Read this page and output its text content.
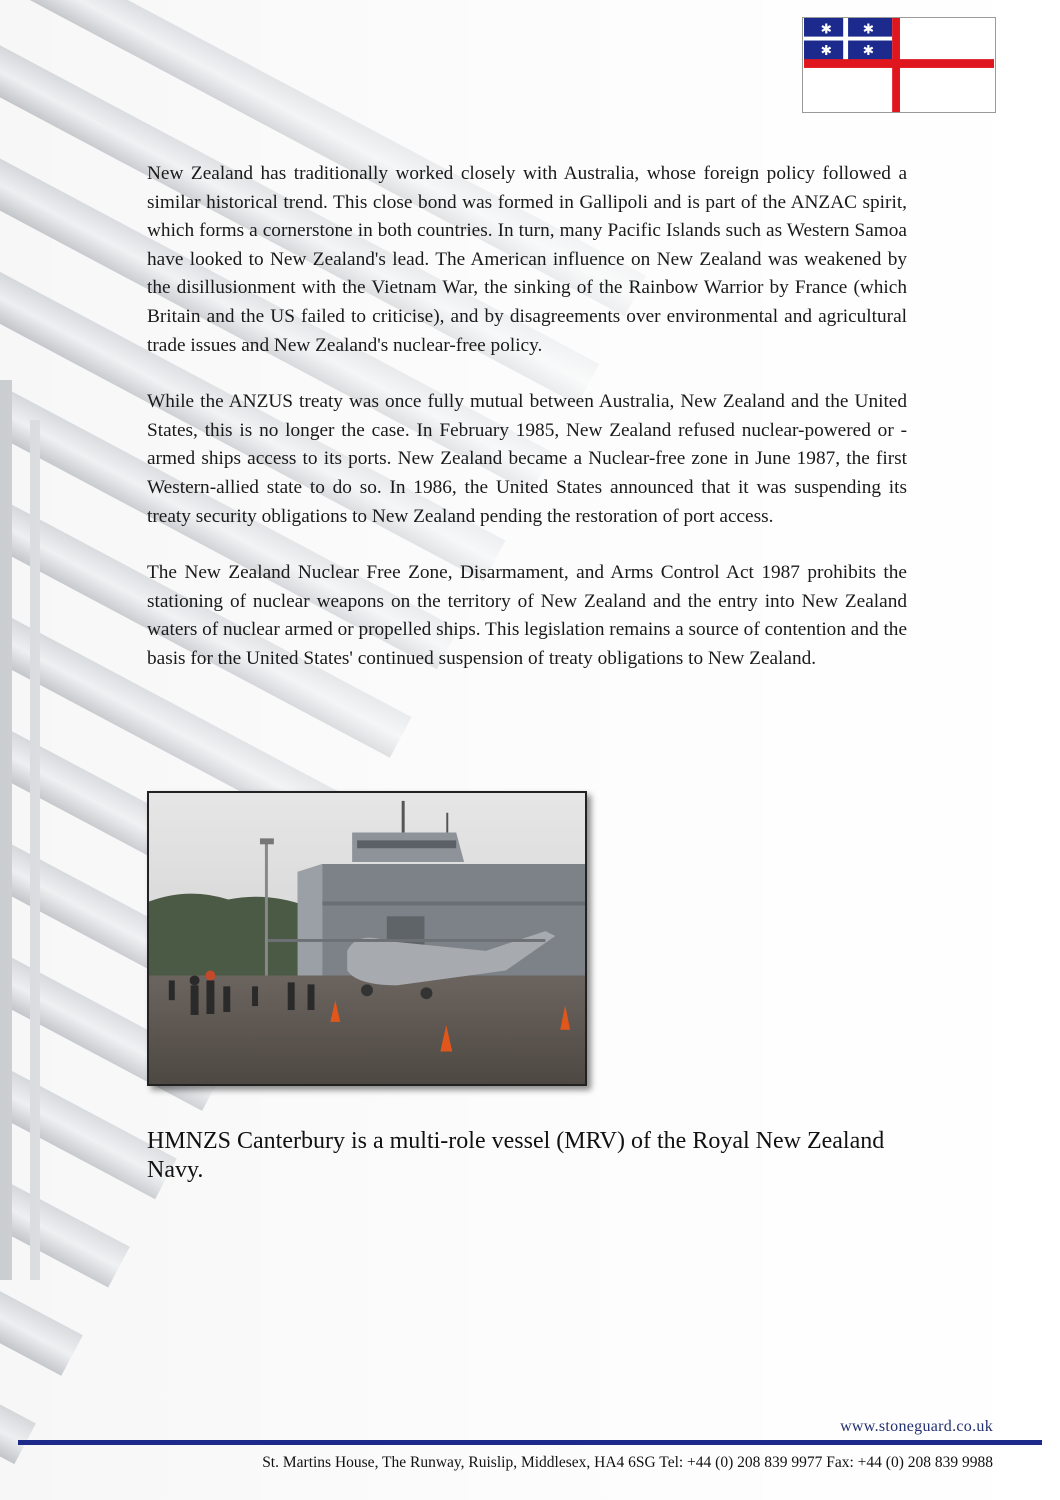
✱ ✱
✱ ✱

New Zealand has traditionally worked closely with Australia, whose foreign policy followed a similar historical trend. This close bond was formed in Gallipoli and is part of the ANZAC spirit, which forms a cornerstone in both countries. In turn, many Pacific Islands such as Western Samoa have looked to New Zealand's lead. The American influence on New Zealand was weakened by the disillusionment with the Vietnam War, the sinking of the Rainbow Warrior by France (which Britain and the US failed to criticise), and by disagreements over environmental and agricultural trade issues and New Zealand's nuclear-free policy.

While the ANZUS treaty was once fully mutual between Australia, New Zealand and the United States, this is no longer the case. In February 1985, New Zealand refused nuclear-powered or -armed ships access to its ports. New Zealand became a Nuclear-free zone in June 1987, the first Western-allied state to do so. In 1986, the United States announced that it was suspending its treaty security obligations to New Zealand pending the restoration of port access.

The New Zealand Nuclear Free Zone, Disarmament, and Arms Control Act 1987 prohibits the stationing of nuclear weapons on the territory of New Zealand and the entry into New Zealand waters of nuclear armed or propelled ships. This legislation remains a source of contention and the basis for the United States' continued suspension of treaty obligations to New Zealand.

HMNZS Canterbury is a multi-role vessel (MRV) of the Royal New Zealand Navy.
www.stoneguard.co.uk
St. Martins House, The Runway, Ruislip, Middlesex, HA4 6SG Tel: +44 (0) 208 839 9977 Fax: +44 (0) 208 839 9988
